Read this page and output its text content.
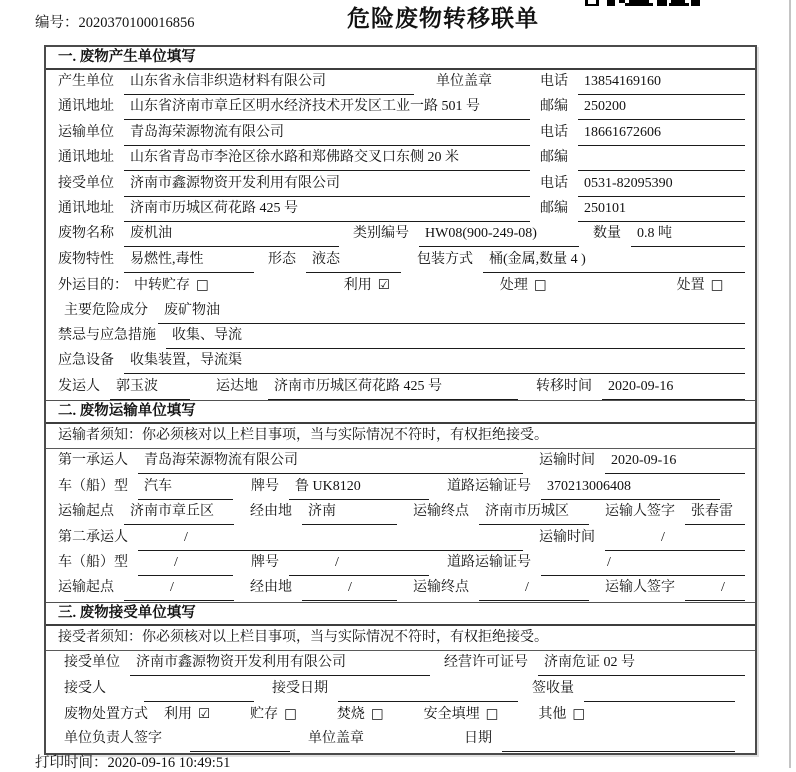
编号：2020370100016856	危险废物转移联单
一. 废物产生单位填写
产生单位	山东省永信非织造材料有限公司	单位盖章	电话	13854169160
通讯地址	山东省济南市章丘区明水经济技术开发区工业一路 501 号	邮编	250200
运输单位	青岛海荣源物流有限公司	电话	18661672606
通讯地址	山东省青岛市李沧区徐水路和郑佛路交叉口东侧 20 米	邮编
接受单位	济南市鑫源物资开发利用有限公司	电话	0531-82095390
通讯地址	济南市历城区荷花路 425 号	邮编	250101
废物名称	废机油	类别编号	HW08(900-249-08)	数量	0.8 吨
废物特性	易燃性,毒性	形态	液态	包装方式	桶(金属,数量 4 )
外运目的： 中转贮存 □	利用 ☑	处理 □	处置 □
主要危险成分	废矿物油
禁忌与应急措施	收集、导流
应急设备	收集装置，导流渠
发运人	郭玉波	运达地	济南市历城区荷花路 425 号	转移时间	2020-09-16
二. 废物运输单位填写
运输者须知：你必须核对以上栏目事项，当与实际情况不符时，有权拒绝接受。
第一承运人	青岛海荣源物流有限公司	运输时间	2020-09-16
车（船）型	汽车	牌号	鲁 UK8120	道路运输证号	370213006408
运输起点	济南市章丘区	经由地	济南	运输终点	济南市历城区	运输人签字	张春雷
第二承运人	/	运输时间	/
车（船）型	/	牌号	/	道路运输证号	/
运输起点	/	经由地	/	运输终点	/	运输人签字	/
三. 废物接受单位填写
接受者须知：你必须核对以上栏目事项，当与实际情况不符时，有权拒绝接受。
接受单位	济南市鑫源物资开发利用有限公司	经营许可证号	济南危证 02 号
接受人	接受日期	签收量
废物处置方式 利用 ☑	贮存 □	焚烧 □	安全填埋 □	其他 □
单位负责人签字	单位盖章	日期
打印时间：2020-09-16 10:49:51
